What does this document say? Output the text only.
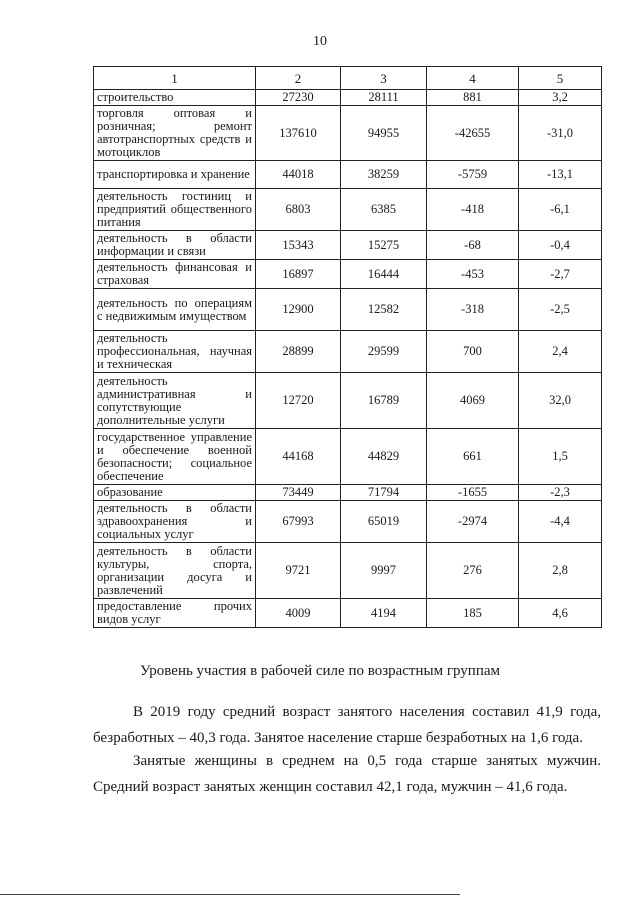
10
1	2	3	4	5
строительство	27230	28111	881	3,2
торговля оптовая и розничная; ремонт автотранспортных средств и мотоциклов	137610	94955	-42655	-31,0
транспортировка и хранение	44018	38259	-5759	-13,1
деятельность гостиниц и предприятий общественного питания	6803	6385	-418	-6,1
деятельность в области информации и связи	15343	15275	-68	-0,4
деятельность финансовая и страховая	16897	16444	-453	-2,7
деятельность по операциям с недвижимым имуществом	12900	12582	-318	-2,5
деятельность профессиональная, научная и техническая	28899	29599	700	2,4
деятельность административная и сопутствующие дополнительные услуги	12720	16789	4069	32,0
государственное управление и обеспечение военной безопасности; социальное обеспечение	44168	44829	661	1,5
образование	73449	71794	-1655	-2,3
деятельность в области здравоохранения и социальных услуг	67993	65019	-2974	-4,4
деятельность в области культуры, спорта, организации досуга и развлечений	9721	9997	276	2,8
предоставление прочих видов услуг	4009	4194	185	4,6
Уровень участия в рабочей силе по возрастным группам

В 2019 году средний возраст занятого населения составил 41,9 года, безработных – 40,3 года. Занятое население старше безработных на 1,6 года.

Занятые женщины в среднем на 0,5 года старше занятых мужчин. Средний возраст занятых женщин составил 42,1 года, мужчин – 41,6 года.
